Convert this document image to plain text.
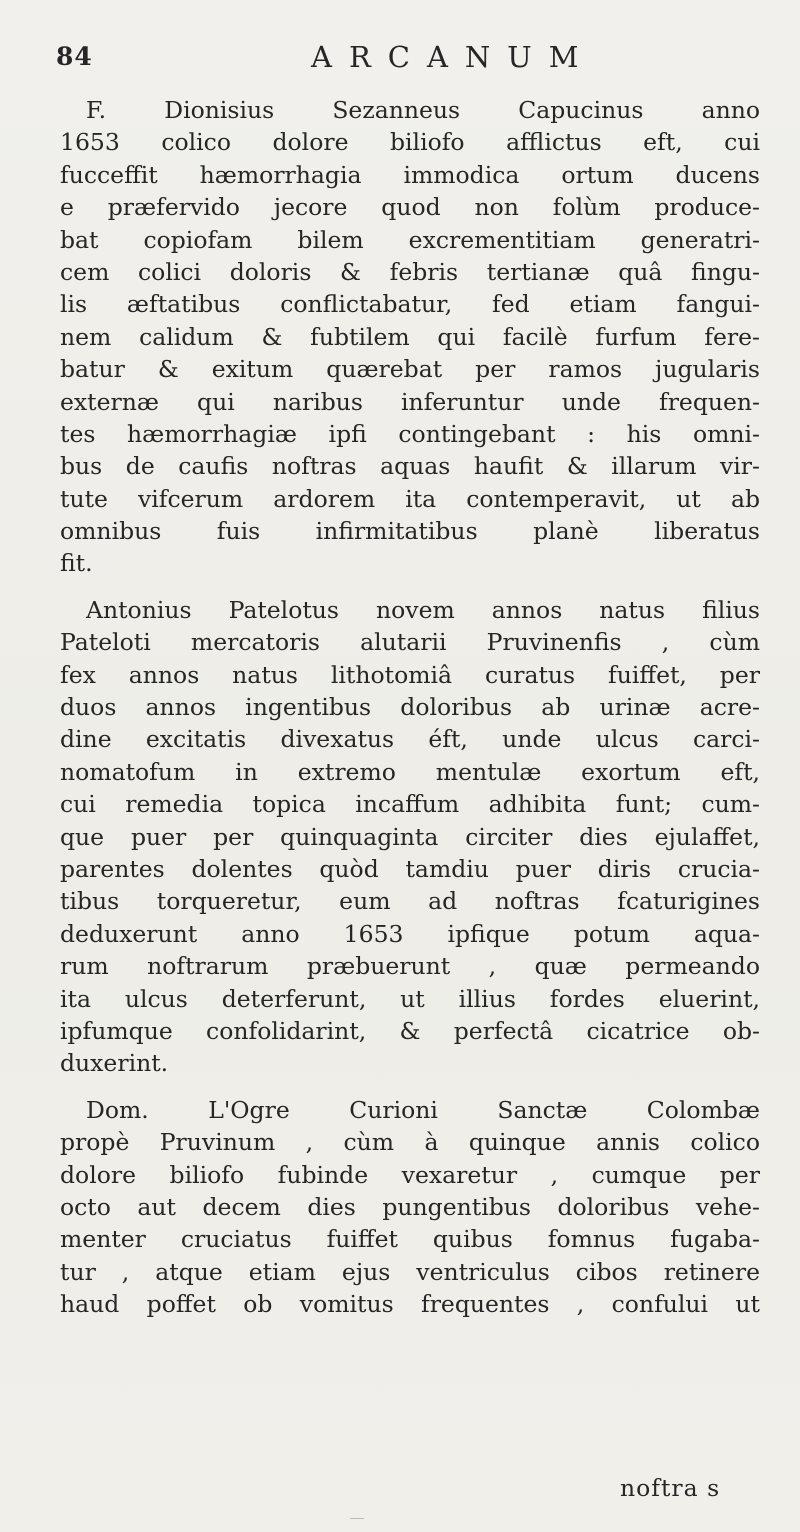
84	ARCANUM
F. Dionisius Sezanneus Capucinus anno
1653 colico dolore biliofo afflictus eft, cui
fucceffit hæmorrhagia immodica ortum ducens
e præfervido jecore quod non folùm produce-
bat copiofam bilem excrementitiam generatri-
cem colici doloris & febris tertianæ quâ fingu-
lis æftatibus conflictabatur, fed etiam fangui-
nem calidum & fubtilem qui facilè furfum fere-
batur & exitum quærebat per ramos jugularis
externæ qui naribus inferuntur unde frequen-
tes hæmorrhagiæ ipfi contingebant : his omni-
bus de caufis noftras aquas haufit & illarum vir-
tute vifcerum ardorem ita contemperavit, ut ab
omnibus fuis infirmitatibus planè liberatus
fit.
Antonius Patelotus novem annos natus filius
Pateloti mercatoris alutarii Pruvinenfis , cùm
fex annos natus lithotomiâ curatus fuiffet, per
duos annos ingentibus doloribus ab urinæ acre-
dine excitatis divexatus éft, unde ulcus carci-
nomatofum in extremo mentulæ exortum eft,
cui remedia topica incaffum adhibita funt; cum-
que puer per quinquaginta circiter dies ejulaffet,
parentes dolentes quòd tamdiu puer diris crucia-
tibus torqueretur, eum ad noftras fcaturigines
deduxerunt anno 1653 ipfique potum aqua-
rum noftrarum præbuerunt , quæ permeando
ita ulcus deterferunt, ut illius fordes eluerint,
ipfumque confolidarint, & perfectâ cicatrice ob-
duxerint.
Dom. L'Ogre Curioni Sanctæ Colombæ
propè Pruvinum , cùm à quinque annis colico
dolore biliofo fubinde vexaretur , cumque per
octo aut decem dies pungentibus doloribus vehe-
menter cruciatus fuiffet quibus fomnus fugaba-
tur , atque etiam ejus ventriculus cibos retinere
haud poffet ob vomitus frequentes , confului ut
noftra s
